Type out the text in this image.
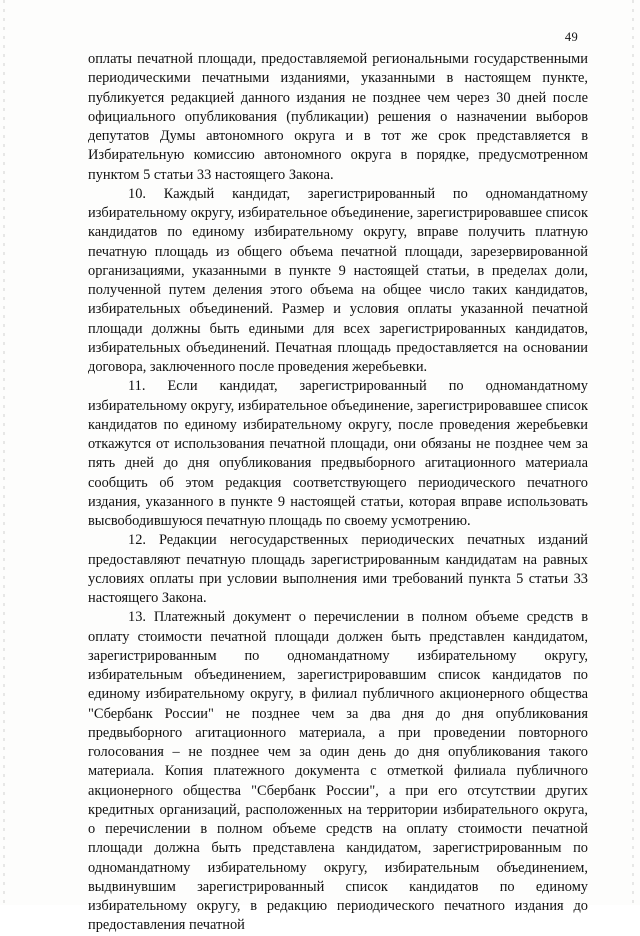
49

оплаты печатной площади, предоставляемой региональными государственными периодическими печатными изданиями, указанными в настоящем пункте, публикуется редакцией данного издания не позднее чем через 30 дней после официального опубликования (публикации) решения о назначении выборов депутатов Думы автономного округа и в тот же срок представляется в Избирательную комиссию автономного округа в порядке, предусмотренном пунктом 5 статьи 33 настоящего Закона.

10. Каждый кандидат, зарегистрированный по одномандатному избирательному округу, избирательное объединение, зарегистрировавшее список кандидатов по единому избирательному округу, вправе получить платную печатную площадь из общего объема печатной площади, зарезервированной организациями, указанными в пункте 9 настоящей статьи, в пределах доли, полученной путем деления этого объема на общее число таких кандидатов, избирательных объединений. Размер и условия оплаты указанной печатной площади должны быть едиными для всех зарегистрированных кандидатов, избирательных объединений. Печатная площадь предоставляется на основании договора, заключенного после проведения жеребьевки.

11. Если кандидат, зарегистрированный по одномандатному избирательному округу, избирательное объединение, зарегистрировавшее список кандидатов по единому избирательному округу, после проведения жеребьевки откажутся от использования печатной площади, они обязаны не позднее чем за пять дней до дня опубликования предвыборного агитационного материала сообщить об этом редакция соответствующего периодического печатного издания, указанного в пункте 9 настоящей статьи, которая вправе использовать высвободившуюся печатную площадь по своему усмотрению.

12. Редакции негосударственных периодических печатных изданий предоставляют печатную площадь зарегистрированным кандидатам на равных условиях оплаты при условии выполнения ими требований пункта 5 статьи 33 настоящего Закона.

13. Платежный документ о перечислении в полном объеме средств в оплату стоимости печатной площади должен быть представлен кандидатом, зарегистрированным по одномандатному избирательному округу, избирательным объединением, зарегистрировавшим список кандидатов по единому избирательному округу, в филиал публичного акционерного общества "Сбербанк России" не позднее чем за два дня до дня опубликования предвыборного агитационного материала, а при проведении повторного голосования – не позднее чем за один день до дня опубликования такого материала. Копия платежного документа с отметкой филиала публичного акционерного общества "Сбербанк России", а при его отсутствии других кредитных организаций, расположенных на территории избирательного округа, о перечислении в полном объеме средств на оплату стоимости печатной площади должна быть представлена кандидатом, зарегистрированным по одномандатному избирательному округу, избирательным объединением, выдвинувшим зарегистрированный список кандидатов по единому избирательному округу, в редакцию периодического печатного издания до предоставления печатной
